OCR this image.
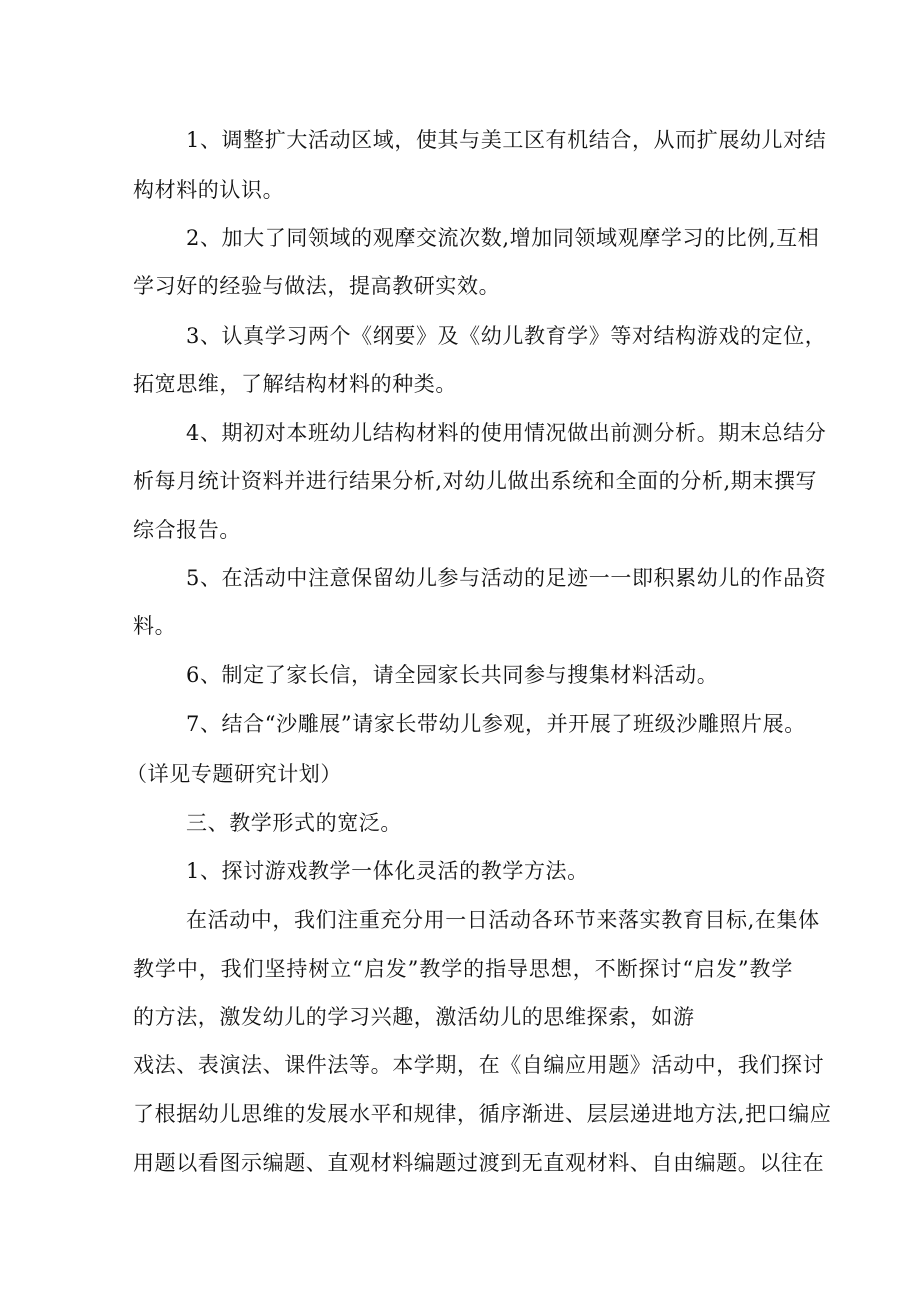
1、调整扩大活动区域，使其与美工区有机结合，从而扩展幼儿对结
构材料的认识。
2、加大了同领域的观摩交流次数,增加同领域观摩学习的比例,互相
学习好的经验与做法，提高教研实效。
3、认真学习两个《纲要》及《幼儿教育学》等对结构游戏的定位，
拓宽思维，了解结构材料的种类。
4、期初对本班幼儿结构材料的使用情况做出前测分析。期末总结分
析每月统计资料并进行结果分析,对幼儿做出系统和全面的分析,期末撰写
综合报告。
5、在活动中注意保留幼儿参与活动的足迹一一即积累幼儿的作品资
料。
6、制定了家长信，请全园家长共同参与搜集材料活动。
7、结合“沙雕展”请家长带幼儿参观，并开展了班级沙雕照片展。
（详见专题研究计划）
三、教学形式的宽泛。
1、探讨游戏教学一体化灵活的教学方法。
在活动中，我们注重充分用一日活动各环节来落实教育目标,在集体
教学中，我们坚持树立“启发”教学的指导思想，不断探讨“启发”教学
的方法，激发幼儿的学习兴趣，激活幼儿的思维探索，如游
戏法、表演法、课件法等。本学期，在《自编应用题》活动中，我们探讨
了根据幼儿思维的发展水平和规律，循序渐进、层层递进地方法,把口编应
用题以看图示编题、直观材料编题过渡到无直观材料、自由编题。以往在
